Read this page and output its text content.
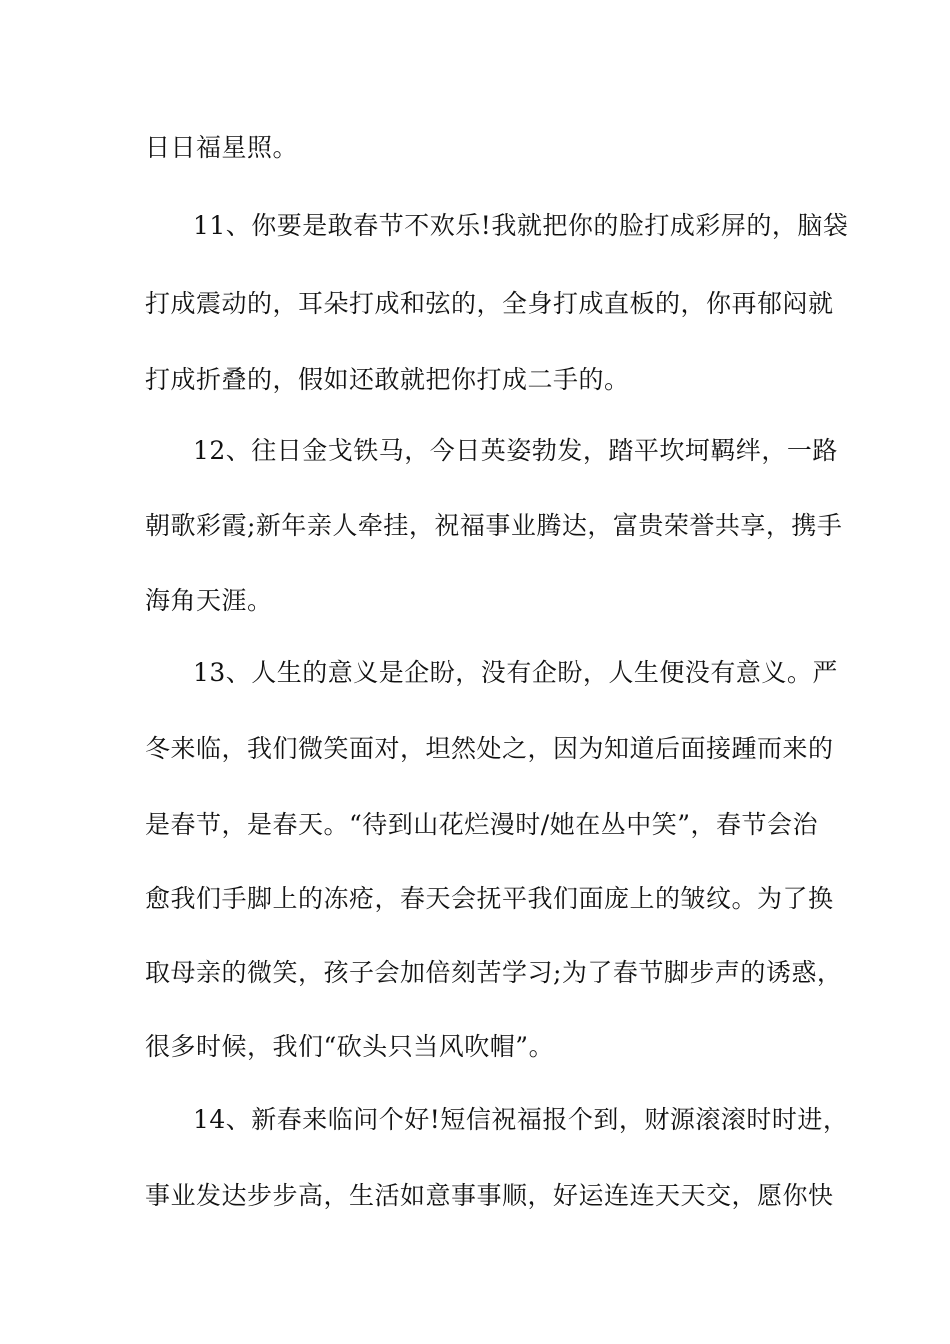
日日福星照。
11、你要是敢春节不欢乐!我就把你的脸打成彩屏的，脑袋
打成震动的，耳朵打成和弦的，全身打成直板的，你再郁闷就
打成折叠的，假如还敢就把你打成二手的。
12、往日金戈铁马，今日英姿勃发，踏平坎坷羁绊，一路
朝歌彩霞;新年亲人牵挂，祝福事业腾达，富贵荣誉共享，携手
海角天涯。
13、人生的意义是企盼，没有企盼，人生便没有意义。严
冬来临，我们微笑面对，坦然处之，因为知道后面接踵而来的
是春节，是春天。“待到山花烂漫时/她在丛中笑”，春节会治
愈我们手脚上的冻疮，春天会抚平我们面庞上的皱纹。为了换
取母亲的微笑，孩子会加倍刻苦学习;为了春节脚步声的诱惑，
很多时候，我们“砍头只当风吹帽”。
14、新春来临问个好!短信祝福报个到，财源滚滚时时进，
事业发达步步高，生活如意事事顺，好运连连天天交，愿你快
